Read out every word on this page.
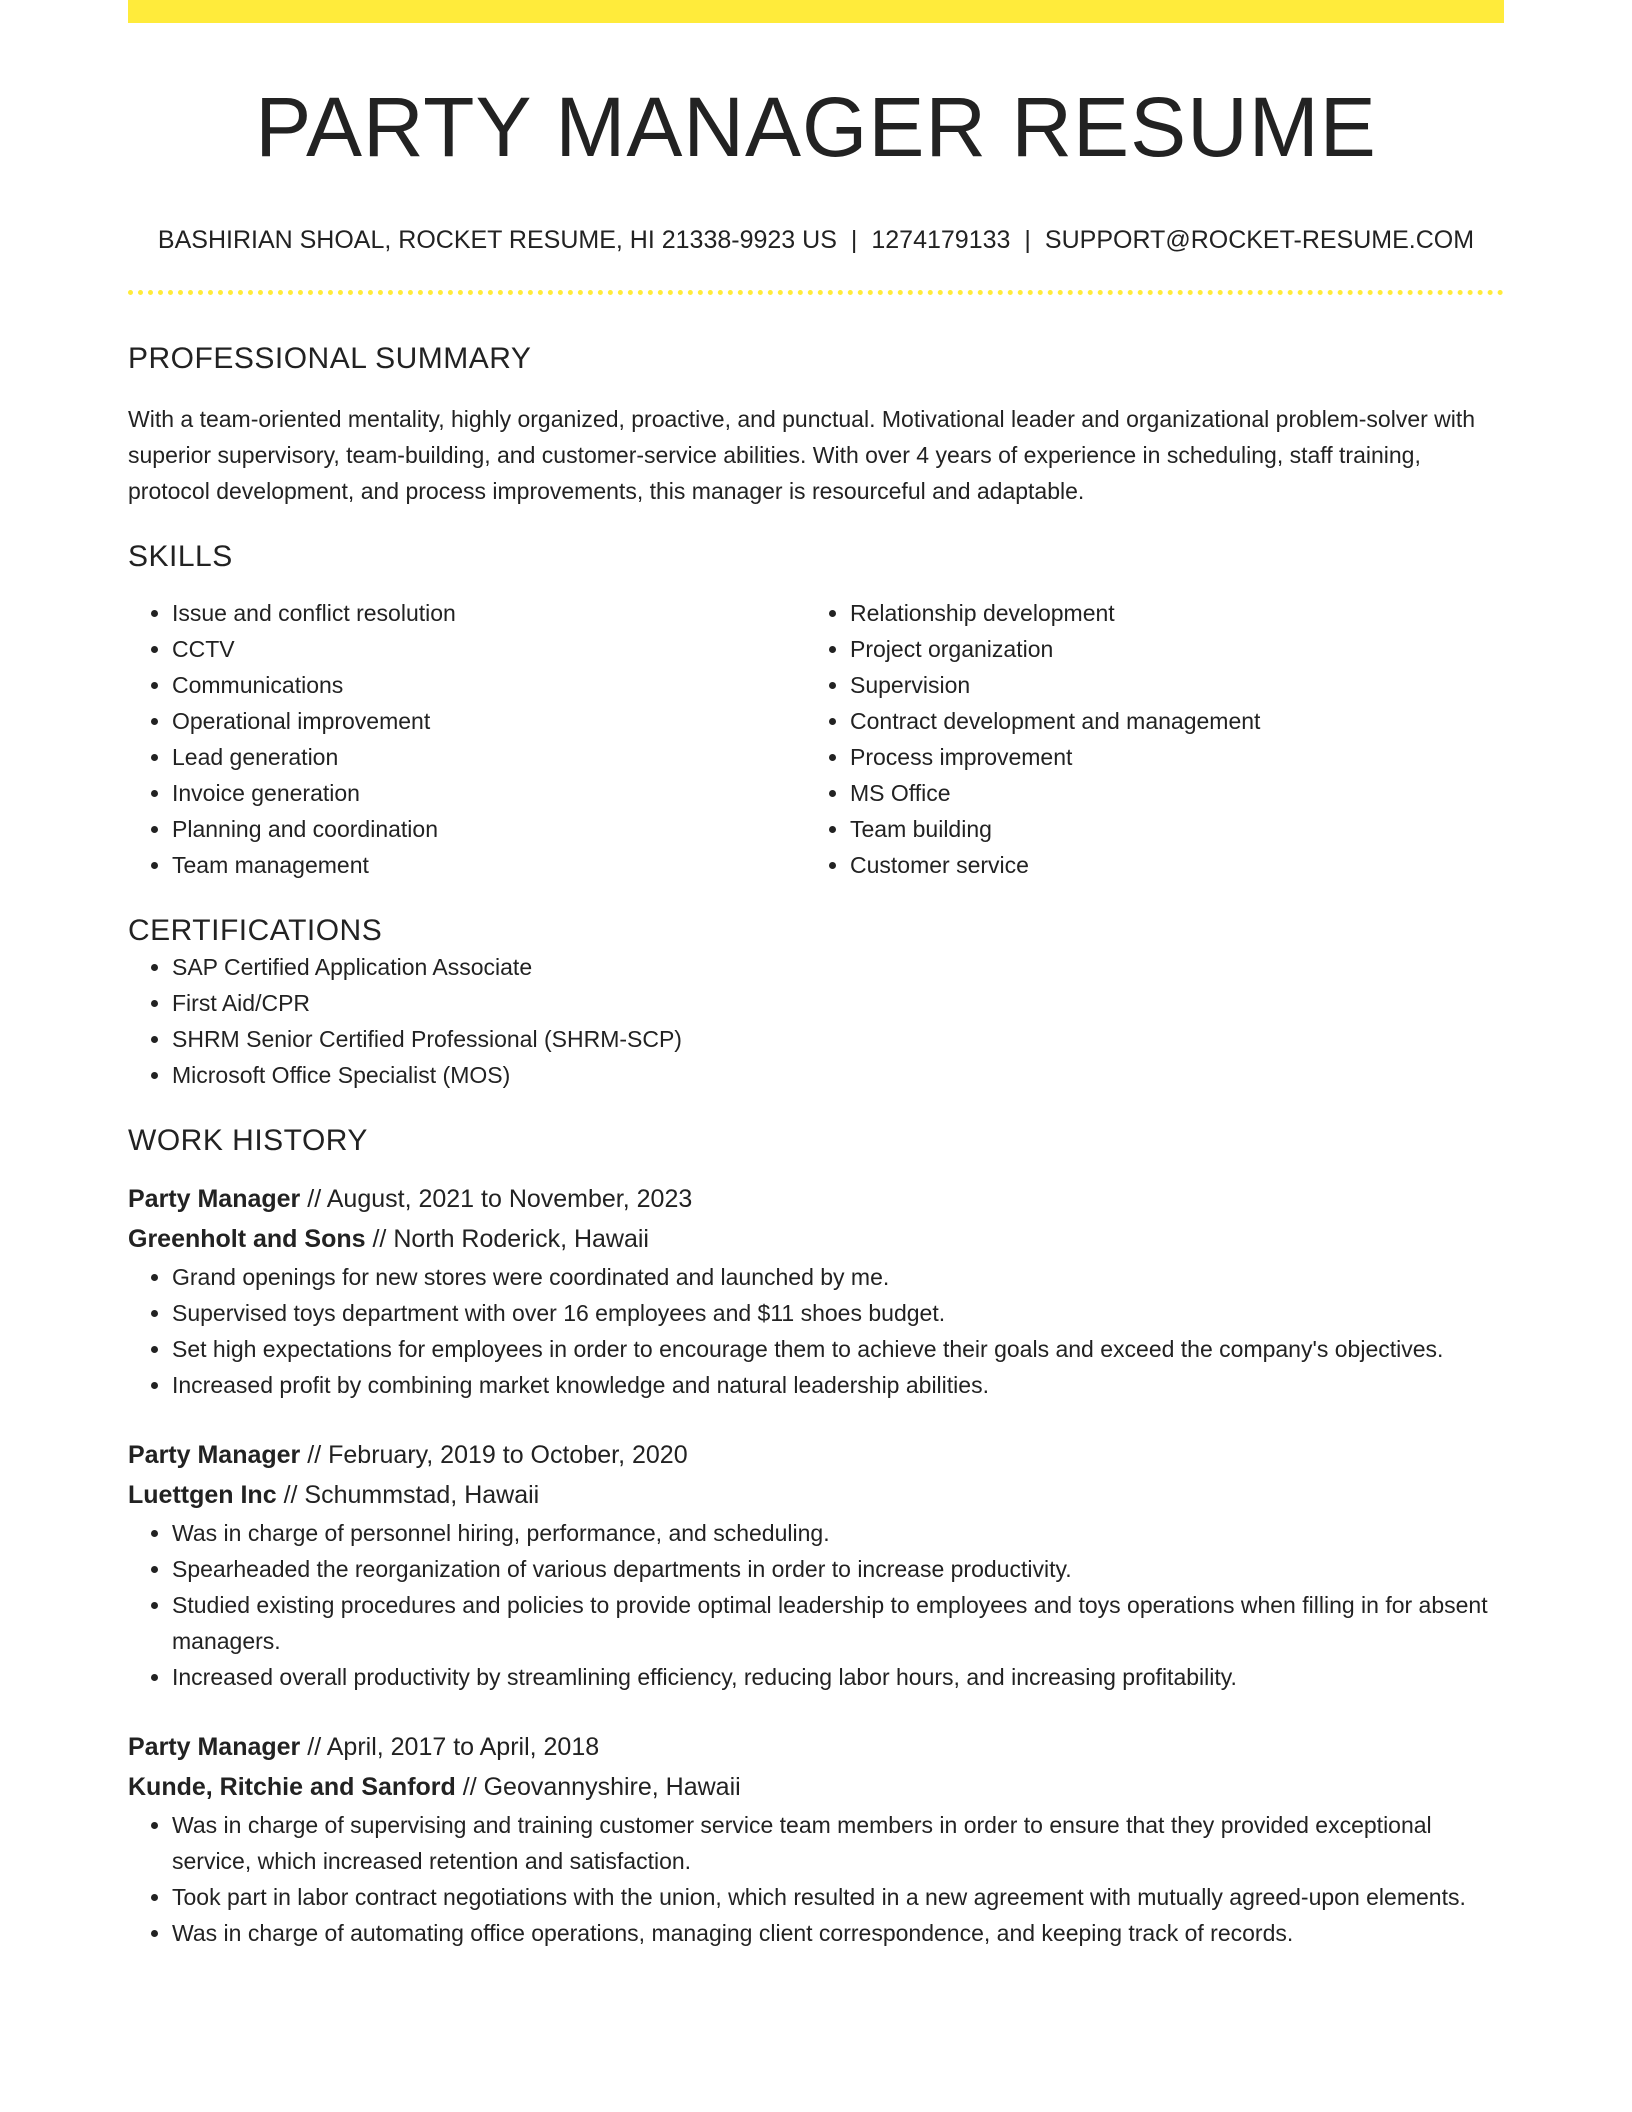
PARTY MANAGER RESUME
BASHIRIAN SHOAL, ROCKET RESUME, HI 21338-9923 US | 1274179133 | SUPPORT@ROCKET-RESUME.COM
PROFESSIONAL SUMMARY

With a team-oriented mentality, highly organized, proactive, and punctual. Motivational leader and organizational problem-solver with superior supervisory, team-building, and customer-service abilities. With over 4 years of experience in scheduling, staff training, protocol development, and process improvements, this manager is resourceful and adaptable.

SKILLS
• Issue and conflict resolution
• CCTV
• Communications
• Operational improvement
• Lead generation
• Invoice generation
• Planning and coordination
• Team management
• Relationship development
• Project organization
• Supervision
• Contract development and management
• Process improvement
• MS Office
• Team building
• Customer service
CERTIFICATIONS
• SAP Certified Application Associate
• First Aid/CPR
• SHRM Senior Certified Professional (SHRM-SCP)
• Microsoft Office Specialist (MOS)
WORK HISTORY
Party Manager // August, 2021 to November, 2023
Greenholt and Sons // North Roderick, Hawaii
• Grand openings for new stores were coordinated and launched by me.
• Supervised toys department with over 16 employees and $11 shoes budget.
• Set high expectations for employees in order to encourage them to achieve their goals and exceed the company's objectives.
• Increased profit by combining market knowledge and natural leadership abilities.
Party Manager // February, 2019 to October, 2020
Luettgen Inc // Schummstad, Hawaii
• Was in charge of personnel hiring, performance, and scheduling.
• Spearheaded the reorganization of various departments in order to increase productivity.
• Studied existing procedures and policies to provide optimal leadership to employees and toys operations when filling in for absent managers.
• Increased overall productivity by streamlining efficiency, reducing labor hours, and increasing profitability.
Party Manager // April, 2017 to April, 2018
Kunde, Ritchie and Sanford // Geovannyshire, Hawaii
• Was in charge of supervising and training customer service team members in order to ensure that they provided exceptional service, which increased retention and satisfaction.
• Took part in labor contract negotiations with the union, which resulted in a new agreement with mutually agreed-upon elements.
• Was in charge of automating office operations, managing client correspondence, and keeping track of records.
